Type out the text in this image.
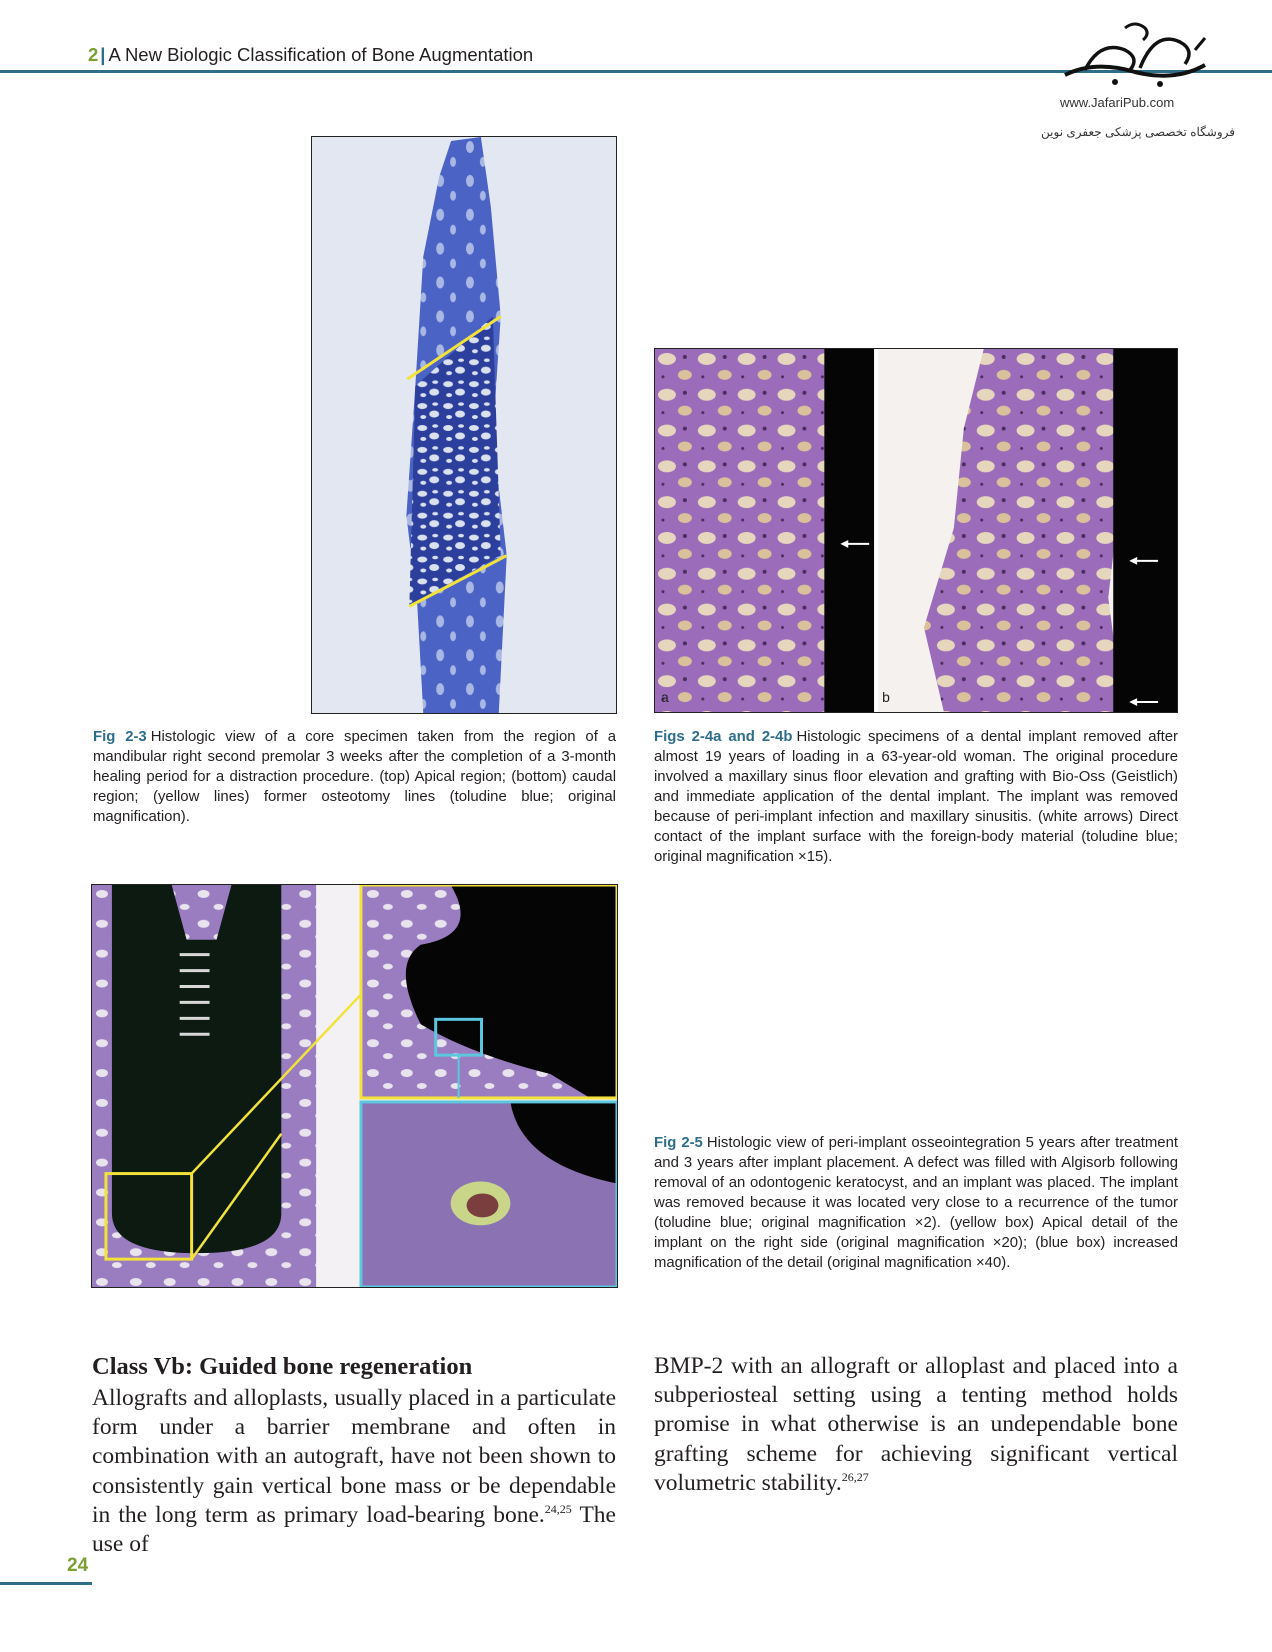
2 | A New Biologic Classification of Bone Augmentation
www.JafariPub.com
فروشگاه تخصصی پزشکی جعفری نوین
Fig 2-3 Histologic view of a core specimen taken from the region of a mandibular right second premolar 3 weeks after the completion of a 3-month healing period for a distraction procedure. (top) Apical region; (bottom) caudal region; (yellow lines) former osteotomy lines (toludine blue; original magnification).
a	b
Figs 2-4a and 2-4b Histologic specimens of a dental implant removed after almost 19 years of loading in a 63-year-old woman. The original procedure involved a maxillary sinus floor elevation and grafting with Bio-Oss (Geistlich) and immediate application of the dental implant. The implant was removed because of peri-implant infection and maxillary sinusitis. (white arrows) Direct contact of the implant surface with the foreign-body material (toludine blue; original magnification ×15).
Fig 2-5 Histologic view of peri-implant osseointegration 5 years after treatment and 3 years after implant placement. A defect was filled with Algisorb following removal of an odontogenic keratocyst, and an implant was placed. The implant was removed because it was located very close to a recurrence of the tumor (toludine blue; original magnification ×2). (yellow box) Apical detail of the implant on the right side (original magnification ×20); (blue box) increased magnification of the detail (original magnification ×40).
Class Vb: Guided bone regeneration
Allografts and alloplasts, usually placed in a particulate form under a barrier membrane and often in combination with an autograft, have not been shown to consistently gain vertical bone mass or be dependable in the long term as primary load-bearing bone.$^{24,25}$ The use of
BMP-2 with an allograft or alloplast and placed into a subperiosteal setting using a tenting method holds promise in what otherwise is an undependable bone grafting scheme for achieving significant vertical volumetric stability.$^{26,27}$
24
